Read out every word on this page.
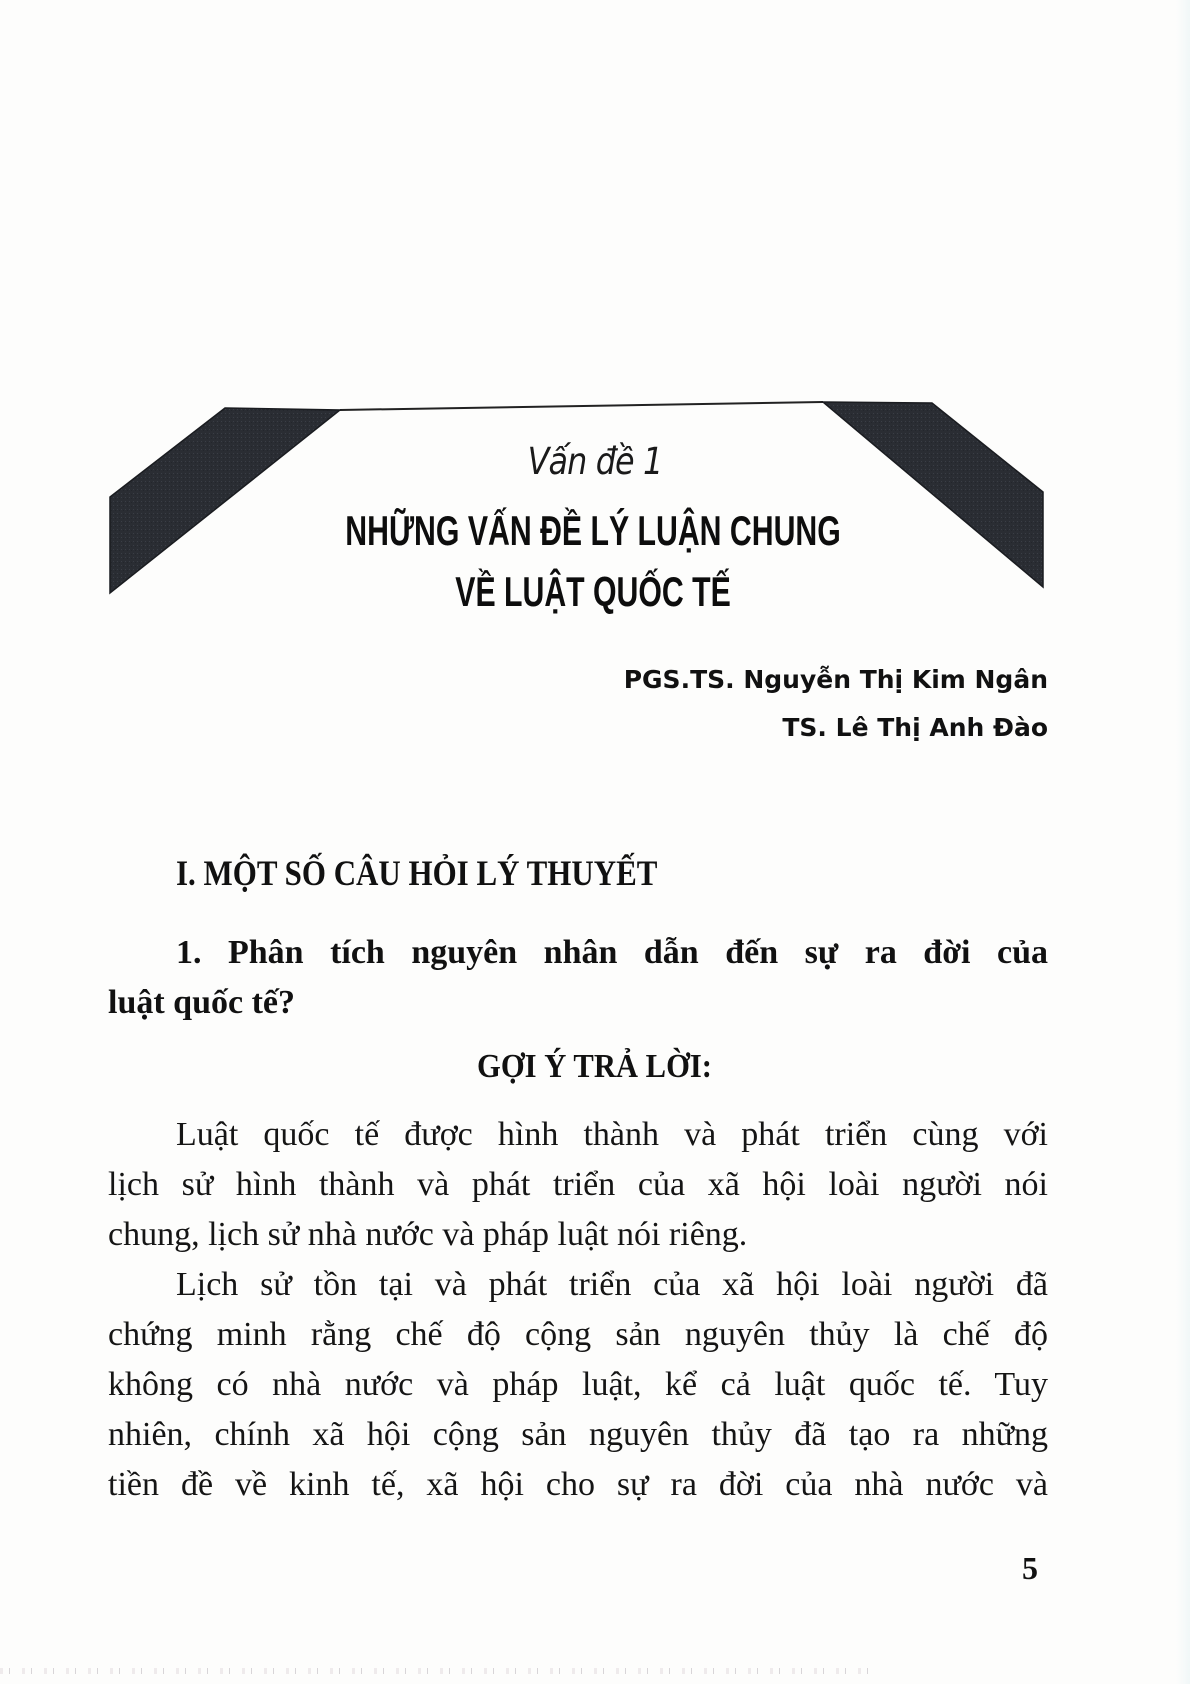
Vấn đề 1
NHỮNG VẤN ĐỀ LÝ LUẬN CHUNG
VỀ LUẬT QUỐC TẾ
PGS.TS. Nguyễn Thị Kim Ngân
TS. Lê Thị Anh Đào
I. MỘT SỐ CÂU HỎI LÝ THUYẾT
1. Phân tích nguyên nhân dẫn đến sự ra đời của
luật quốc tế?
GỢI Ý TRẢ LỜI:
Luật quốc tế được hình thành và phát triển cùng với
lịch sử hình thành và phát triển của xã hội loài người nói
chung, lịch sử nhà nước và pháp luật nói riêng.
Lịch sử tồn tại và phát triển của xã hội loài người đã
chứng minh rằng chế độ cộng sản nguyên thủy là chế độ
không có nhà nước và pháp luật, kể cả luật quốc tế. Tuy
nhiên, chính xã hội cộng sản nguyên thủy đã tạo ra những
tiền đề về kinh tế, xã hội cho sự ra đời của nhà nước và
5
